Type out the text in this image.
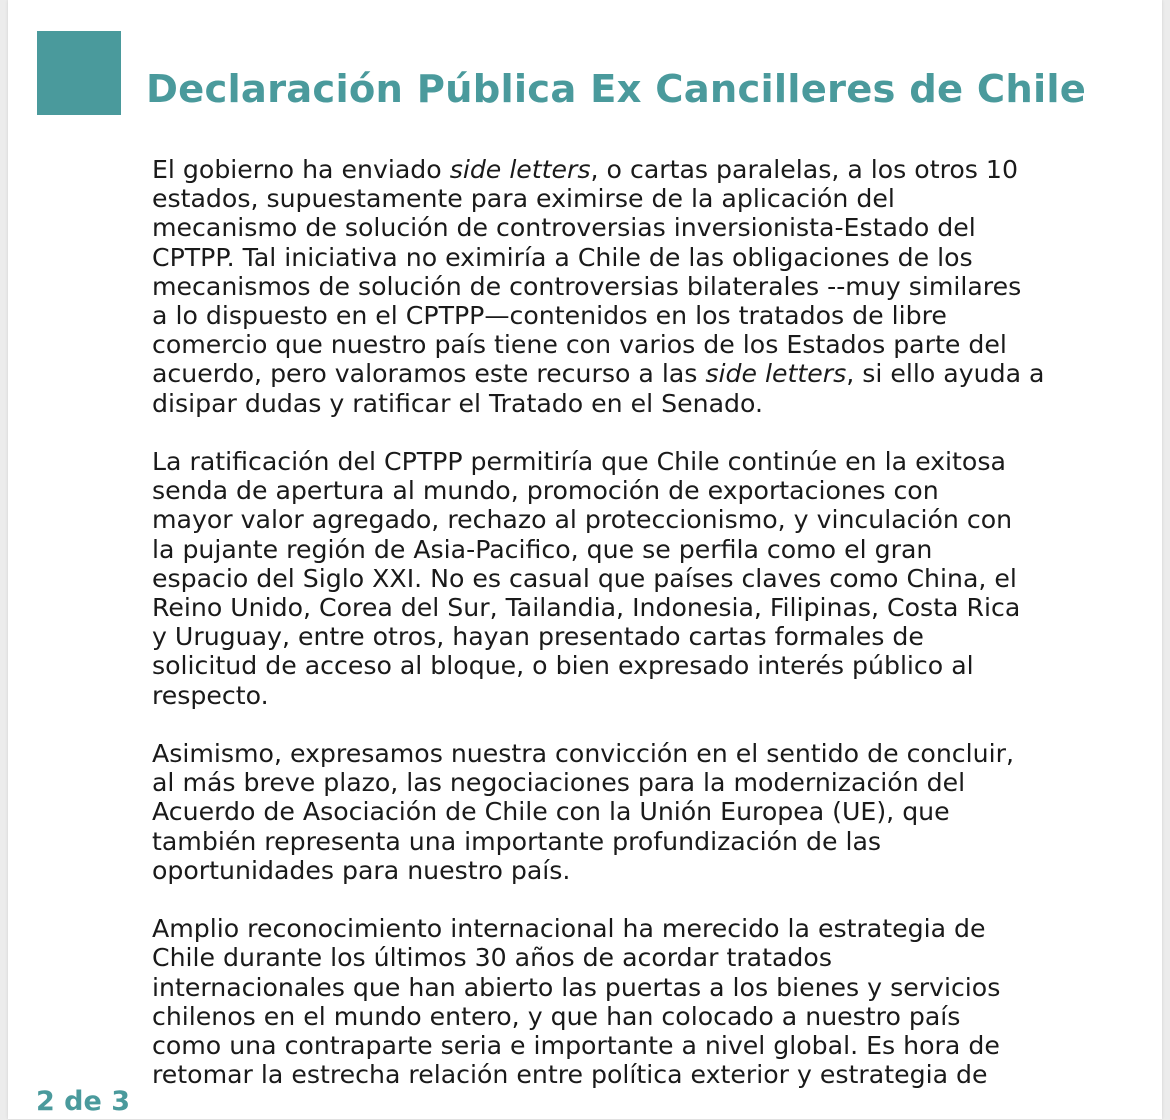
Declaración Pública Ex Cancilleres de Chile

El gobierno ha enviado side letters, o cartas paralelas, a los otros 10
estados, supuestamente para eximirse de la aplicación del
mecanismo de solución de controversias inversionista-Estado del
CPTPP. Tal iniciativa no eximiría a Chile de las obligaciones de los
mecanismos de solución de controversias bilaterales --muy similares
a lo dispuesto en el CPTPP—contenidos en los tratados de libre
comercio que nuestro país tiene con varios de los Estados parte del
acuerdo, pero valoramos este recurso a las side letters, si ello ayuda a
disipar dudas y ratificar el Tratado en el Senado.

La ratificación del CPTPP permitiría que Chile continúe en la exitosa
senda de apertura al mundo, promoción de exportaciones con
mayor valor agregado, rechazo al proteccionismo, y vinculación con
la pujante región de Asia-Pacifico, que se perfila como el gran
espacio del Siglo XXI. No es casual que países claves como China, el
Reino Unido, Corea del Sur, Tailandia, Indonesia, Filipinas, Costa Rica
y Uruguay, entre otros, hayan presentado cartas formales de
solicitud de acceso al bloque, o bien expresado interés público al
respecto.

Asimismo, expresamos nuestra convicción en el sentido de concluir,
al más breve plazo, las negociaciones para la modernización del
Acuerdo de Asociación de Chile con la Unión Europea (UE), que
también representa una importante profundización de las
oportunidades para nuestro país.

Amplio reconocimiento internacional ha merecido la estrategia de
Chile durante los últimos 30 años de acordar tratados
internacionales que han abierto las puertas a los bienes y servicios
chilenos en el mundo entero, y que han colocado a nuestro país
como una contraparte seria e importante a nivel global. Es hora de
retomar la estrecha relación entre política exterior y estrategia de

2 de 3
